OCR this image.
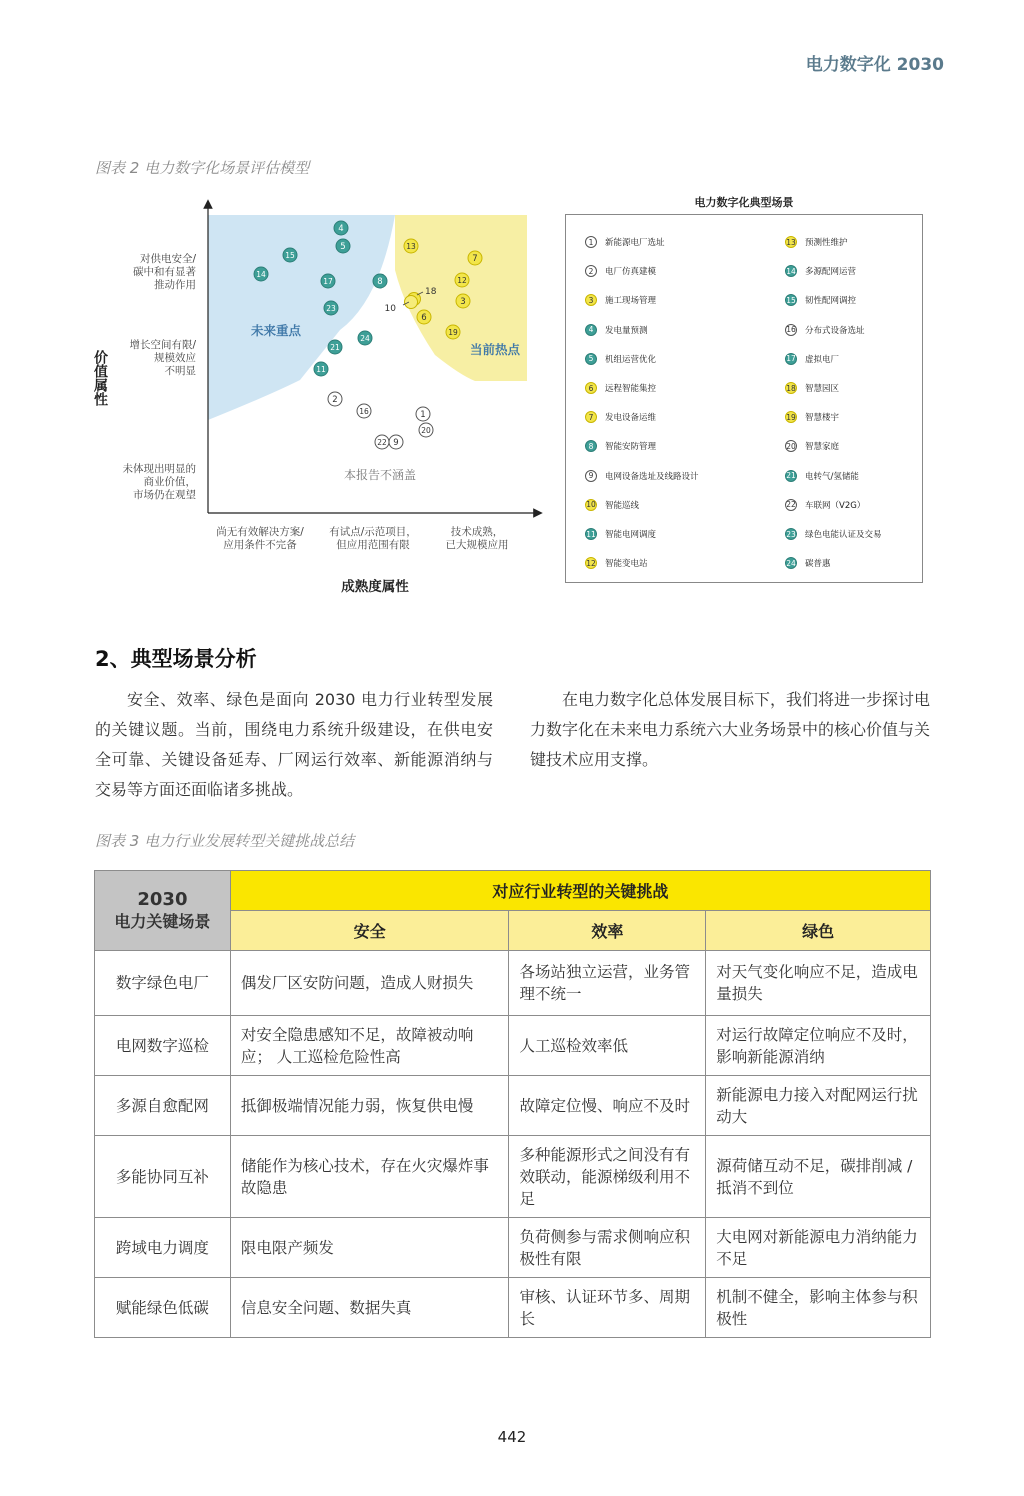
电力数字化 2030
图表 2 电力数字化场景评估模型
价值属性
对供电安全/
碳中和有显著
推动作用
增长空间有限/
规模效应
不明显
未体现出明显的
商业价值，
市场仍在观望
尚无有效解决方案/
应用条件不完备
有试点/示范项目，
但应用范围有限
技术成熟，
已大规模应用
成熟度属性
未来重点
当前热点
本报告不涵盖
10
18
4
5
15
14
17	8
23
24
21
11
13
7
12
3
6
19
2
16	1
20
22 9
电力数字化典型场景
1	新能源电厂选址
2	电厂仿真建模
3	施工现场管理
4	发电量预测
5	机组运营优化
6	远程智能集控
7	发电设备运维
8	智能安防管理
9	电网设备选址及线路设计
10 智能巡线
11 智能电网调度
12 智能变电站
13 预测性维护
14 多源配网运营
15 韧性配网调控
16 分布式设备选址
17 虚拟电厂
18 智慧园区
19 智慧楼宇
20 智慧家庭
21 电转气/氢储能
22 车联网（V2G）
23 绿色电能认证及交易
24 碳普惠
2、典型场景分析
安全、效率、绿色是面向 2030 电力行业转型发展的关键议题。当前，围绕电力系统升级建设，在供电安全可靠、关键设备延寿、厂网运行效率、新能源消纳与交易等方面还面临诸多挑战。
在电力数字化总体发展目标下，我们将进一步探讨电力数字化在未来电力系统六大业务场景中的核心价值与关键技术应用支撑。
图表 3 电力行业发展转型关键挑战总结
2030
电力关键场景	对应行业转型的关键挑战		
	安全	效率	绿色
数字绿色电厂	偶发厂区安防问题，造成人财损失	各场站独立运营，业务管理不统一	对天气变化响应不足，造成电量损失
电网数字巡检	对安全隐患感知不足，故障被动响应； 人工巡检危险性高	人工巡检效率低	对运行故障定位响应不及时，影响新能源消纳
多源自愈配网	抵御极端情况能力弱，恢复供电慢	故障定位慢、响应不及时	新能源电力接入对配网运行扰动大
多能协同互补	储能作为核心技术，存在火灾爆炸事故隐患	多种能源形式之间没有有效联动，能源梯级利用不足	源荷储互动不足，碳排削减 / 抵消不到位
跨域电力调度	限电限产频发	负荷侧参与需求侧响应积极性有限	大电网对新能源电力消纳能力不足
赋能绿色低碳	信息安全问题、数据失真	审核、认证环节多、周期长	机制不健全，影响主体参与积极性
442
